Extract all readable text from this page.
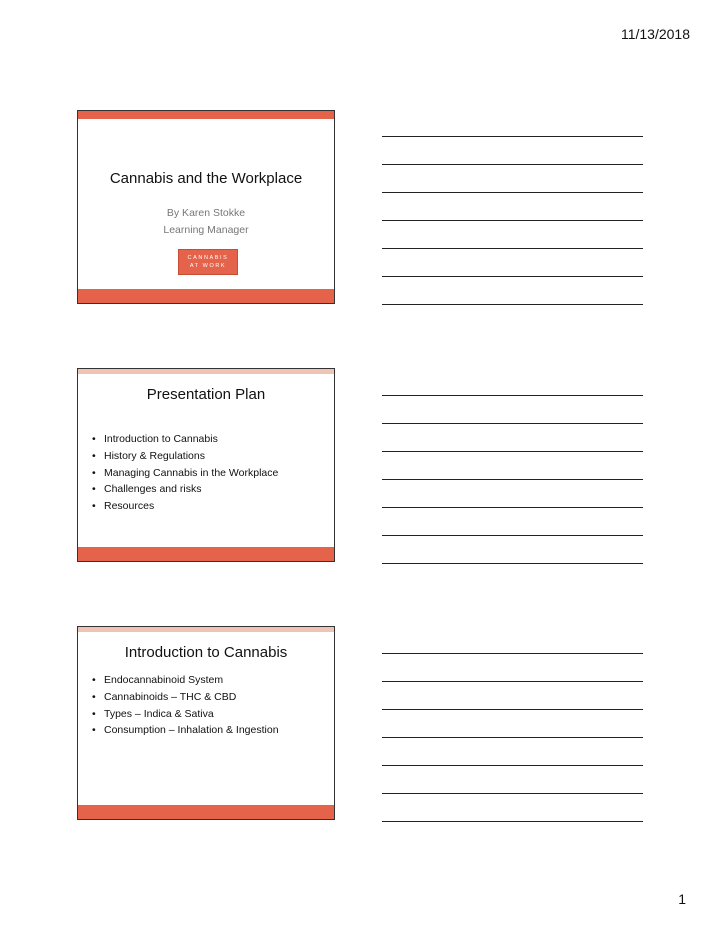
11/13/2018
Cannabis and the Workplace
By Karen Stokke
Learning Manager
CANNABIS
AT WORK
Presentation Plan
• Introduction to Cannabis
• History & Regulations
• Managing Cannabis in the Workplace
• Challenges and risks
• Resources
Introduction to Cannabis
• Endocannabinoid System
• Cannabinoids – THC & CBD
• Types – Indica & Sativa
• Consumption – Inhalation & Ingestion
1
